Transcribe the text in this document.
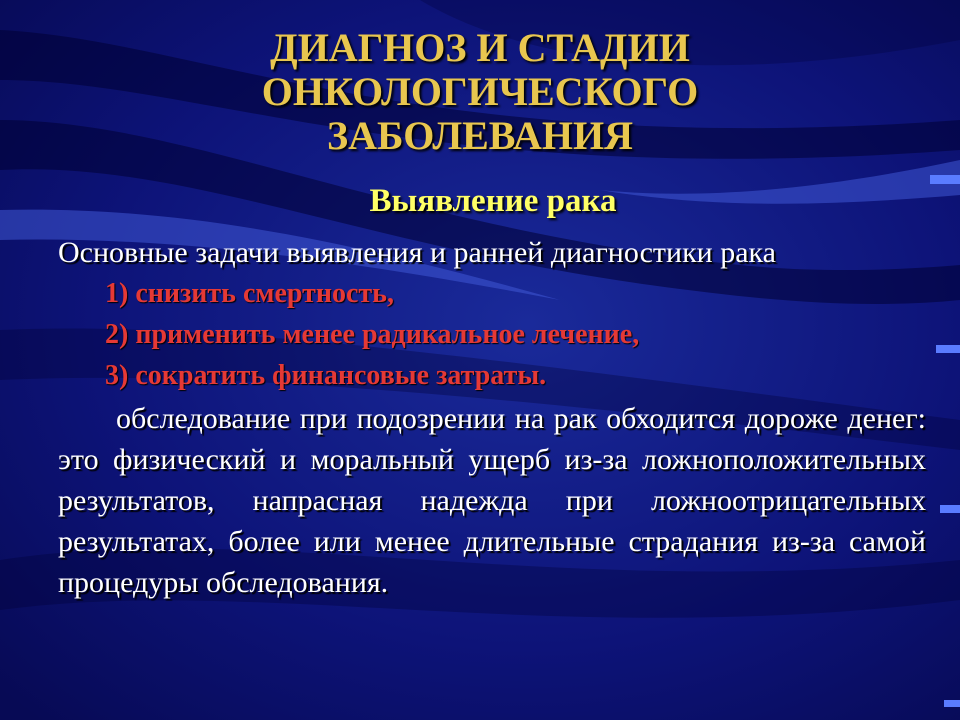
ДИАГНОЗ И СТАДИИ
ОНКОЛОГИЧЕСКОГО
ЗАБОЛЕВАНИЯ
Выявление рака
Основные задачи выявления и ранней диагностики рака
1) снизить смертность,
2) применить менее радикальное лечение,
3) сократить финансовые затраты.
обследование при подозрении на рак обходится дороже денег: это физический и моральный ущерб из-за ложноположительных результатов, напрасная надежда при ложноотрицательных результатах, более или менее длительные страдания из-за самой процедуры обследования.
